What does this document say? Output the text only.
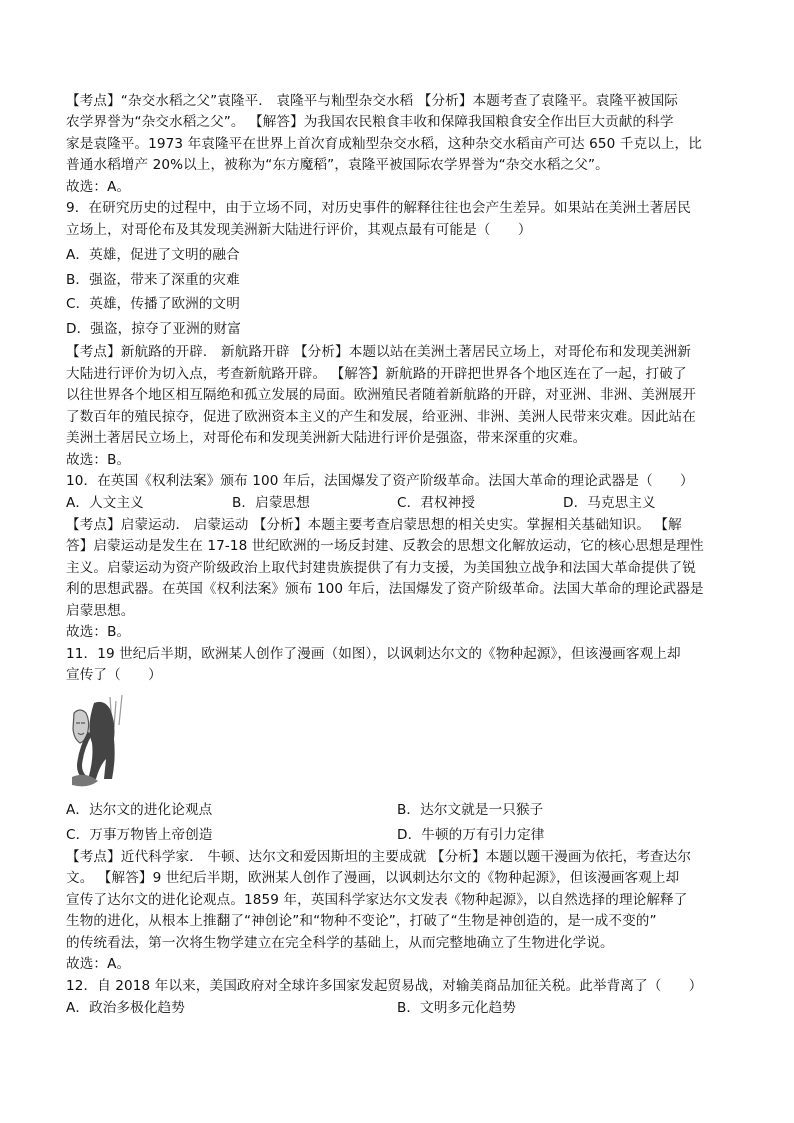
【考点】“杂交水稻之父”袁隆平． 袁隆平与籼型杂交水稻 【分析】本题考查了袁隆平。袁隆平被国际
农学界誉为“杂交水稻之父”。 【解答】为我国农民粮食丰收和保障我国粮食安全作出巨大贡献的科学
家是袁隆平。1973 年袁隆平在世界上首次育成籼型杂交水稻，这种杂交水稻亩产可达 650 千克以上，比
普通水稻增产 20%以上，被称为“东方魔稻”，袁隆平被国际农学界誉为“杂交水稻之父”。
故选：A。
9．在研究历史的过程中，由于立场不同，对历史事件的解释往往也会产生差异。如果站在美洲土著居民
立场上，对哥伦布及其发现美洲新大陆进行评价，其观点最有可能是（　　）
A．英雄，促进了文明的融合
B．强盗，带来了深重的灾难
C．英雄，传播了欧洲的文明
D．强盗，掠夺了亚洲的财富
【考点】新航路的开辟． 新航路开辟 【分析】本题以站在美洲土著居民立场上，对哥伦布和发现美洲新
大陆进行评价为切入点，考查新航路开辟。 【解答】新航路的开辟把世界各个地区连在了一起，打破了
以往世界各个地区相互隔绝和孤立发展的局面。欧洲殖民者随着新航路的开辟，对亚洲、非洲、美洲展开
了数百年的殖民掠夺，促进了欧洲资本主义的产生和发展，给亚洲、非洲、美洲人民带来灾难。因此站在
美洲土著居民立场上，对哥伦布和发现美洲新大陆进行评价是强盗，带来深重的灾难。
故选：B。
10．在英国《权利法案》颁布 100 年后，法国爆发了资产阶级革命。法国大革命的理论武器是（　　）
A．人文主义	B．启蒙思想	C．君权神授	D．马克思主义
【考点】启蒙运动． 启蒙运动 【分析】本题主要考查启蒙思想的相关史实。掌握相关基础知识。 【解
答】启蒙运动是发生在 17-18 世纪欧洲的一场反封建、反教会的思想文化解放运动，它的核心思想是理性
主义。启蒙运动为资产阶级政治上取代封建贵族提供了有力支援，为美国独立战争和法国大革命提供了锐
利的思想武器。在英国《权利法案》颁布 100 年后，法国爆发了资产阶级革命。法国大革命的理论武器是
启蒙思想。
故选：B。
11．19 世纪后半期，欧洲某人创作了漫画（如图），以讽刺达尔文的《物种起源》，但该漫画客观上却
宣传了（　　）
A．达尔文的进化论观点	B．达尔文就是一只猴子
C．万事万物皆上帝创造	D．牛顿的万有引力定律
【考点】近代科学家． 牛顿、达尔文和爱因斯坦的主要成就 【分析】本题以题干漫画为依托，考查达尔
文。 【解答】9 世纪后半期，欧洲某人创作了漫画，以讽刺达尔文的《物种起源》，但该漫画客观上却
宣传了达尔文的进化论观点。1859 年，英国科学家达尔文发表《物种起源》，以自然选择的理论解释了
生物的进化，从根本上推翻了“神创论”和“物种不变论”，打破了“生物是神创造的，是一成不变的”
的传统看法，第一次将生物学建立在完全科学的基础上，从而完整地确立了生物进化学说。
故选：A。
12．自 2018 年以来，美国政府对全球许多国家发起贸易战，对输美商品加征关税。此举背离了（　　）
A．政治多极化趋势	B．文明多元化趋势
